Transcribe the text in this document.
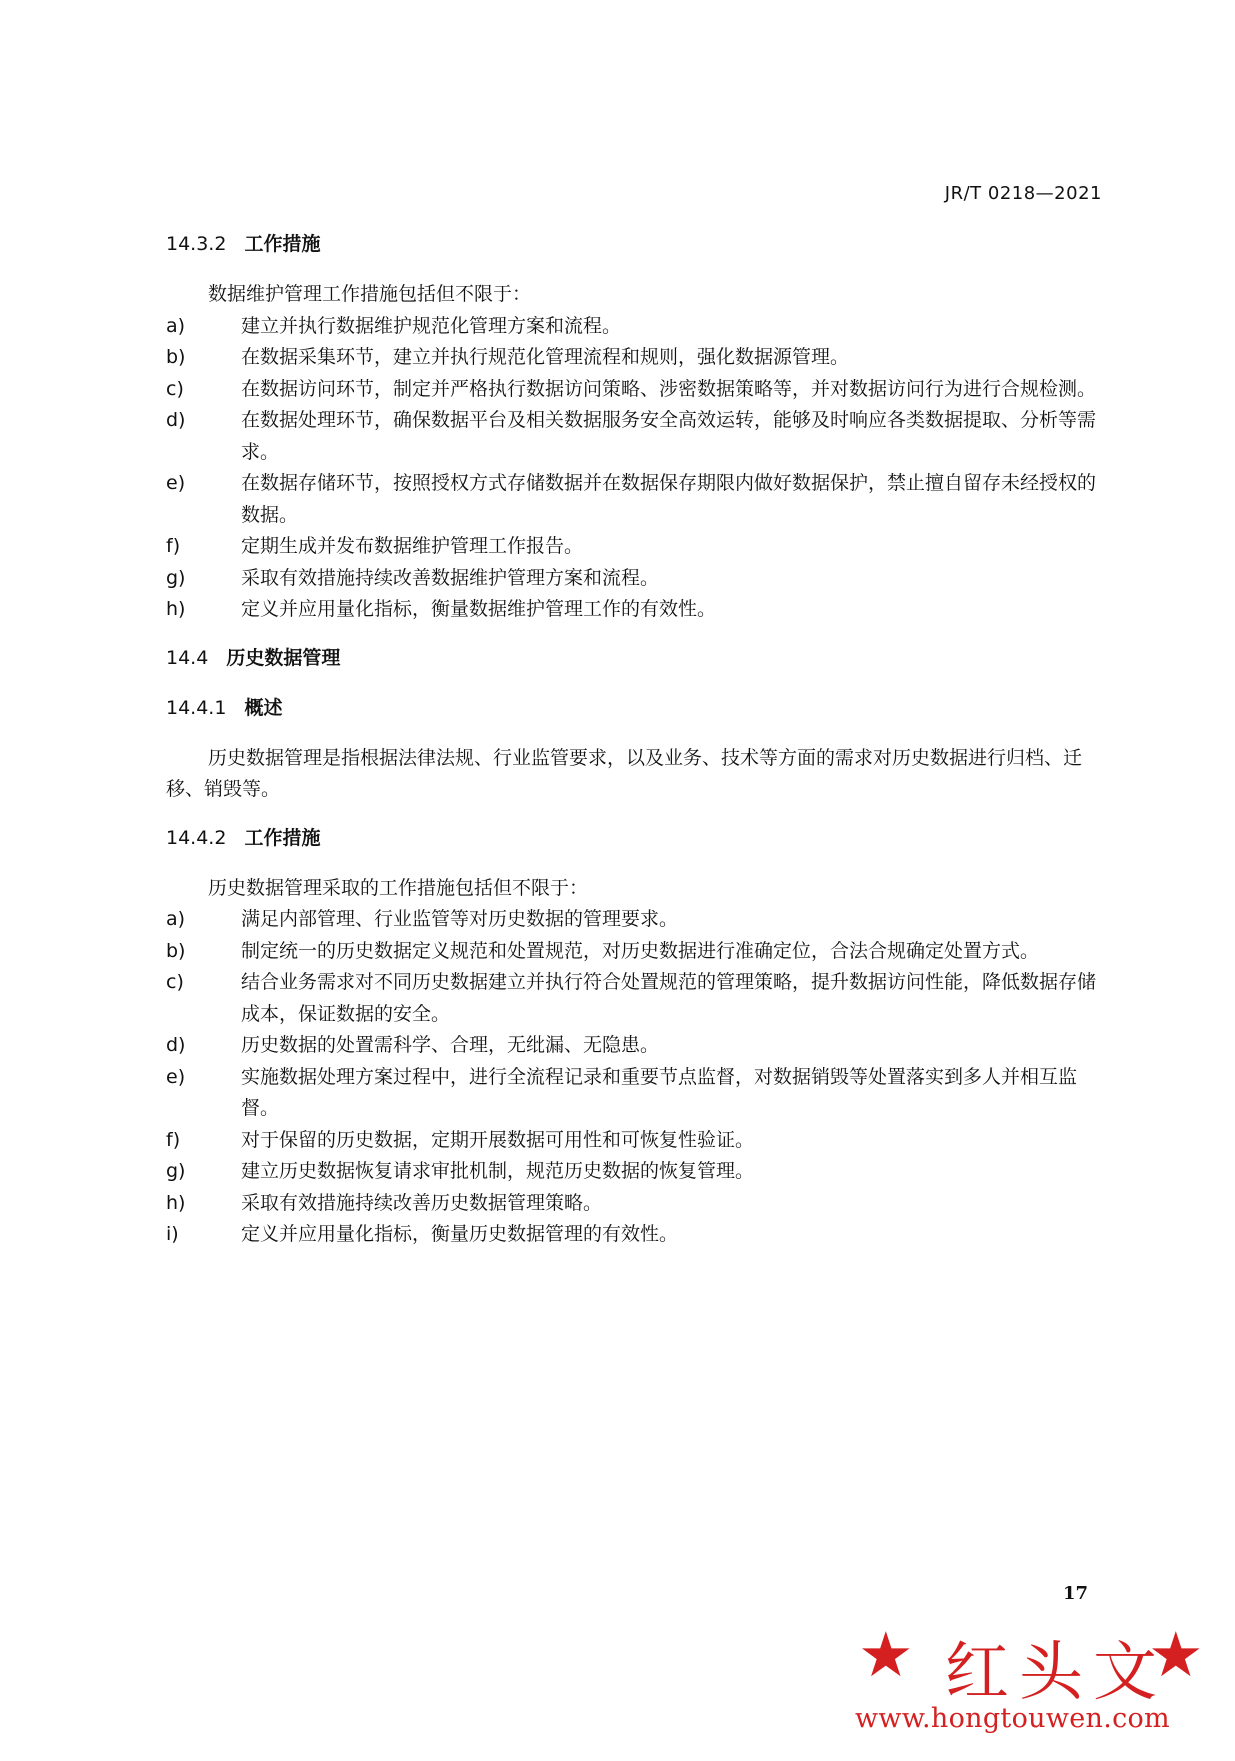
JR/T 0218—2021
14.3.2 工作措施

数据维护管理工作措施包括但不限于：

a)	建立并执行数据维护规范化管理方案和流程。

b)	在数据采集环节，建立并执行规范化管理流程和规则，强化数据源管理。

c)	在数据访问环节，制定并严格执行数据访问策略、涉密数据策略等，并对数据访问行为进行合规检测。

d)	在数据处理环节，确保数据平台及相关数据服务安全高效运转，能够及时响应各类数据提取、分析等需求。

e)	在数据存储环节，按照授权方式存储数据并在数据保存期限内做好数据保护，禁止擅自留存未经授权的数据。

f)	定期生成并发布数据维护管理工作报告。

g)	采取有效措施持续改善数据维护管理方案和流程。

h)	定义并应用量化指标，衡量数据维护管理工作的有效性。

14.4 历史数据管理
14.4.1 概述

历史数据管理是指根据法律法规、行业监管要求，以及业务、技术等方面的需求对历史数据进行归档、迁移、销毁等。

14.4.2 工作措施

历史数据管理采取的工作措施包括但不限于：

a)	满足内部管理、行业监管等对历史数据的管理要求。

b)	制定统一的历史数据定义规范和处置规范，对历史数据进行准确定位，合法合规确定处置方式。

c)	结合业务需求对不同历史数据建立并执行符合处置规范的管理策略，提升数据访问性能，降低数据存储成本，保证数据的安全。

d)	历史数据的处置需科学、合理，无纰漏、无隐患。

e)	实施数据处理方案过程中，进行全流程记录和重要节点监督，对数据销毁等处置落实到多人并相互监督。

f)	对于保留的历史数据，定期开展数据可用性和可恢复性验证。

g)	建立历史数据恢复请求审批机制，规范历史数据的恢复管理。

h)	采取有效措施持续改善历史数据管理策略。

i)	定义并应用量化指标，衡量历史数据管理的有效性。

17
★ 红头文
★
www.hongtouwen.com
